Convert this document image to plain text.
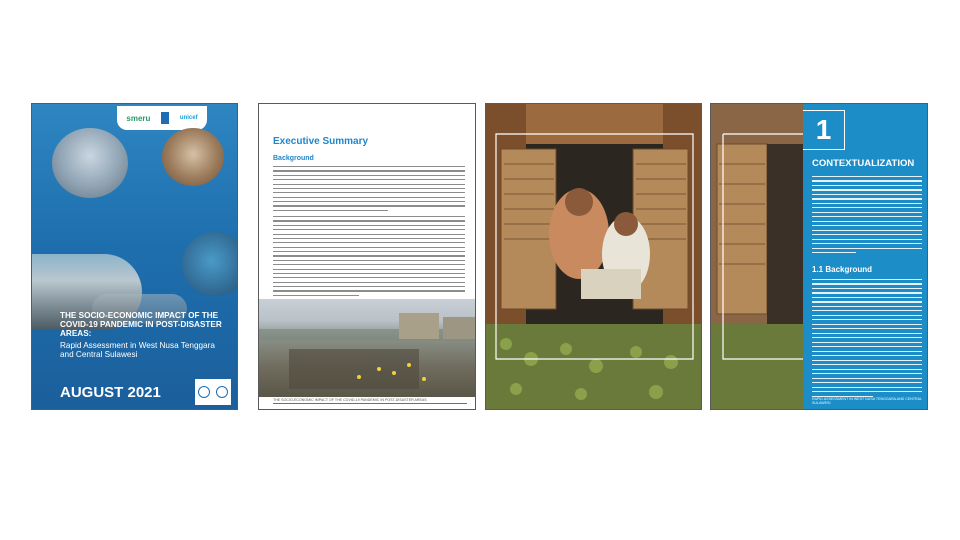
smeru	unicef
THE SOCIO-ECONOMIC IMPACT OF THE COVID-19 PANDEMIC IN POST-DISASTER AREAS:
Rapid Assessment in West Nusa Tenggara and Central Sulawesi
AUGUST 2021
Executive Summary
Background
THE SOCIO-ECONOMIC IMPACT OF THE COVID-19 PANDEMIC IN POST-DISASTER AREAS
1
CONTEXTUALIZATION
1.1 Background
RAPID ASSESSMENT IN WEST NUSA TENGGARA AND CENTRAL SULAWESI
